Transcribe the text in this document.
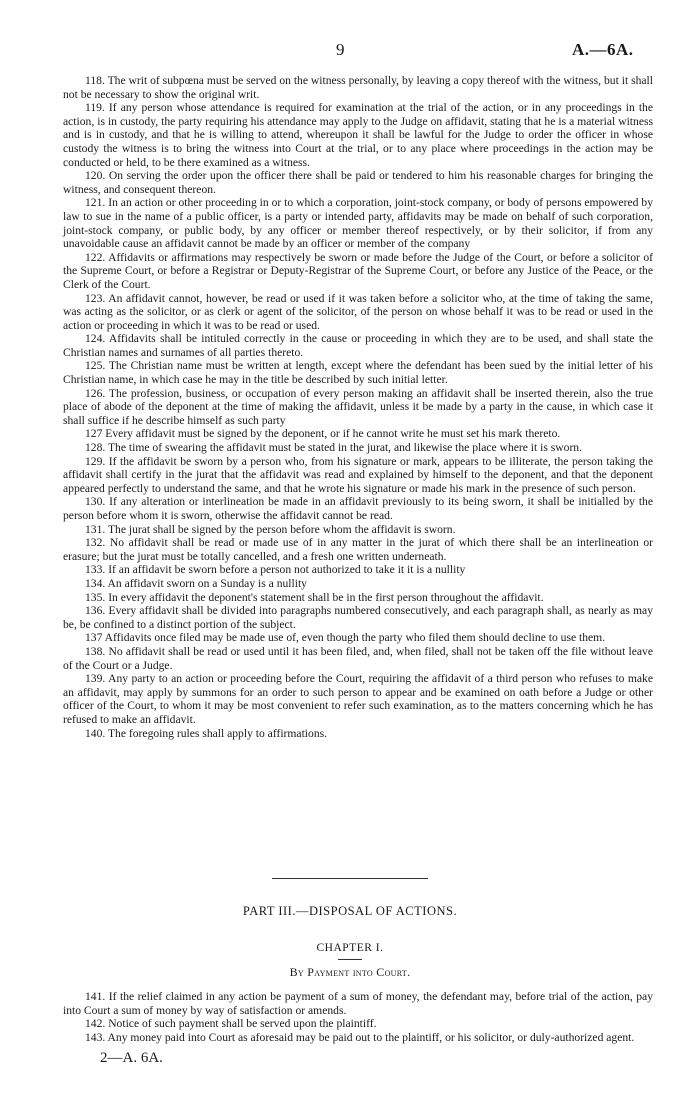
9	A.—6A.

118. The writ of subpœna must be served on the witness personally, by leaving a copy thereof with the witness, but it shall not be necessary to show the original writ.

119. If any person whose attendance is required for examination at the trial of the action, or in any proceedings in the action, is in custody, the party requiring his attendance may apply to the Judge on affidavit, stating that he is a material witness and is in custody, and that he is willing to attend, whereupon it shall be lawful for the Judge to order the officer in whose custody the witness is to bring the witness into Court at the trial, or to any place where proceedings in the action may be conducted or held, to be there examined as a witness.

120. On serving the order upon the officer there shall be paid or tendered to him his reasonable charges for bringing the witness, and consequent thereon.

121. In an action or other proceeding in or to which a corporation, joint-stock company, or body of persons empowered by law to sue in the name of a public officer, is a party or intended party, affidavits may be made on behalf of such corporation, joint-stock company, or public body, by any officer or member thereof respectively, or by their solicitor, if from any unavoidable cause an affidavit cannot be made by an officer or member of the company

122. Affidavits or affirmations may respectively be sworn or made before the Judge of the Court, or before a solicitor of the Supreme Court, or before a Registrar or Deputy-Registrar of the Supreme Court, or before any Justice of the Peace, or the Clerk of the Court.

123. An affidavit cannot, however, be read or used if it was taken before a solicitor who, at the time of taking the same, was acting as the solicitor, or as clerk or agent of the solicitor, of the person on whose behalf it was to be read or used in the action or proceeding in which it was to be read or used.

124. Affidavits shall be intituled correctly in the cause or proceeding in which they are to be used, and shall state the Christian names and surnames of all parties thereto.

125. The Christian name must be written at length, except where the defendant has been sued by the initial letter of his Christian name, in which case he may in the title be described by such initial letter.

126. The profession, business, or occupation of every person making an affidavit shall be inserted therein, also the true place of abode of the deponent at the time of making the affidavit, unless it be made by a party in the cause, in which case it shall suffice if he describe himself as such party

127 Every affidavit must be signed by the deponent, or if he cannot write he must set his mark thereto.

128. The time of swearing the affidavit must be stated in the jurat, and likewise the place where it is sworn.

129. If the affidavit be sworn by a person who, from his signature or mark, appears to be illiterate, the person taking the affidavit shall certify in the jurat that the affidavit was read and explained by himself to the deponent, and that the deponent appeared perfectly to understand the same, and that he wrote his signature or made his mark in the presence of such person.

130. If any alteration or interlineation be made in an affidavit previously to its being sworn, it shall be initialled by the person before whom it is sworn, otherwise the affidavit cannot be read.

131. The jurat shall be signed by the person before whom the affidavit is sworn.

132. No affidavit shall be read or made use of in any matter in the jurat of which there shall be an interlineation or erasure; but the jurat must be totally cancelled, and a fresh one written underneath.

133. If an affidavit be sworn before a person not authorized to take it it is a nullity

134. An affidavit sworn on a Sunday is a nullity

135. In every affidavit the deponent's statement shall be in the first person throughout the affidavit.

136. Every affidavit shall be divided into paragraphs numbered consecutively, and each paragraph shall, as nearly as may be, be confined to a distinct portion of the subject.

137 Affidavits once filed may be made use of, even though the party who filed them should decline to use them.

138. No affidavit shall be read or used until it has been filed, and, when filed, shall not be taken off the file without leave of the Court or a Judge.

139. Any party to an action or proceeding before the Court, requiring the affidavit of a third person who refuses to make an affidavit, may apply by summons for an order to such person to appear and be examined on oath before a Judge or other officer of the Court, to whom it may be most convenient to refer such examination, as to the matters concerning which he has refused to make an affidavit.

140. The foregoing rules shall apply to affirmations.

PART III.—DISPOSAL OF ACTIONS.
CHAPTER I.
By Payment into Court.

141. If the relief claimed in any action be payment of a sum of money, the defendant may, before trial of the action, pay into Court a sum of money by way of satisfaction or amends.

142. Notice of such payment shall be served upon the plaintiff.

143. Any money paid into Court as aforesaid may be paid out to the plaintiff, or his solicitor, or duly-authorized agent.

2—A. 6A.
